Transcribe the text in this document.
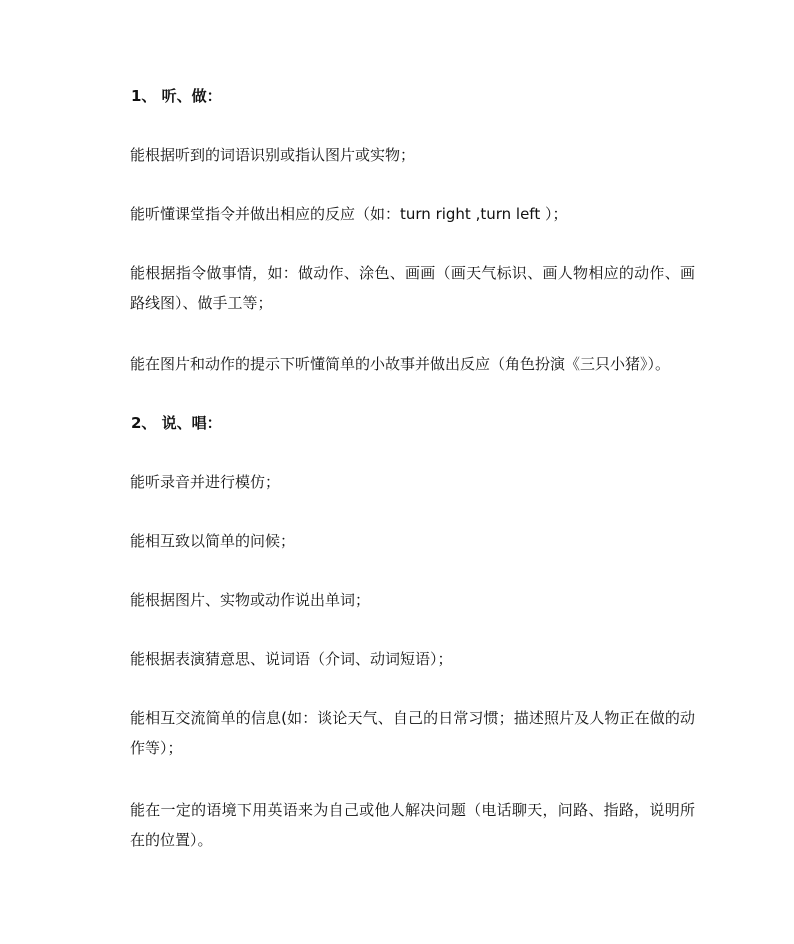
1、 听、做：
能根据听到的词语识别或指认图片或实物；
能听懂课堂指令并做出相应的反应（如：turn right ,turn left ）；
能根据指令做事情，如：做动作、涂色、画画（画天气标识、画人物相应的动作、画路线图）、做手工等；
能在图片和动作的提示下听懂简单的小故事并做出反应（角色扮演《三只小猪》）。
2、 说、唱：
能听录音并进行模仿；
能相互致以简单的问候；
能根据图片、实物或动作说出单词；
能根据表演猜意思、说词语（介词、动词短语）；
能相互交流简单的信息(如：谈论天气、自己的日常习惯；描述照片及人物正在做的动作等）；
能在一定的语境下用英语来为自己或他人解决问题（电话聊天，问路、指路，说明所在的位置）。
